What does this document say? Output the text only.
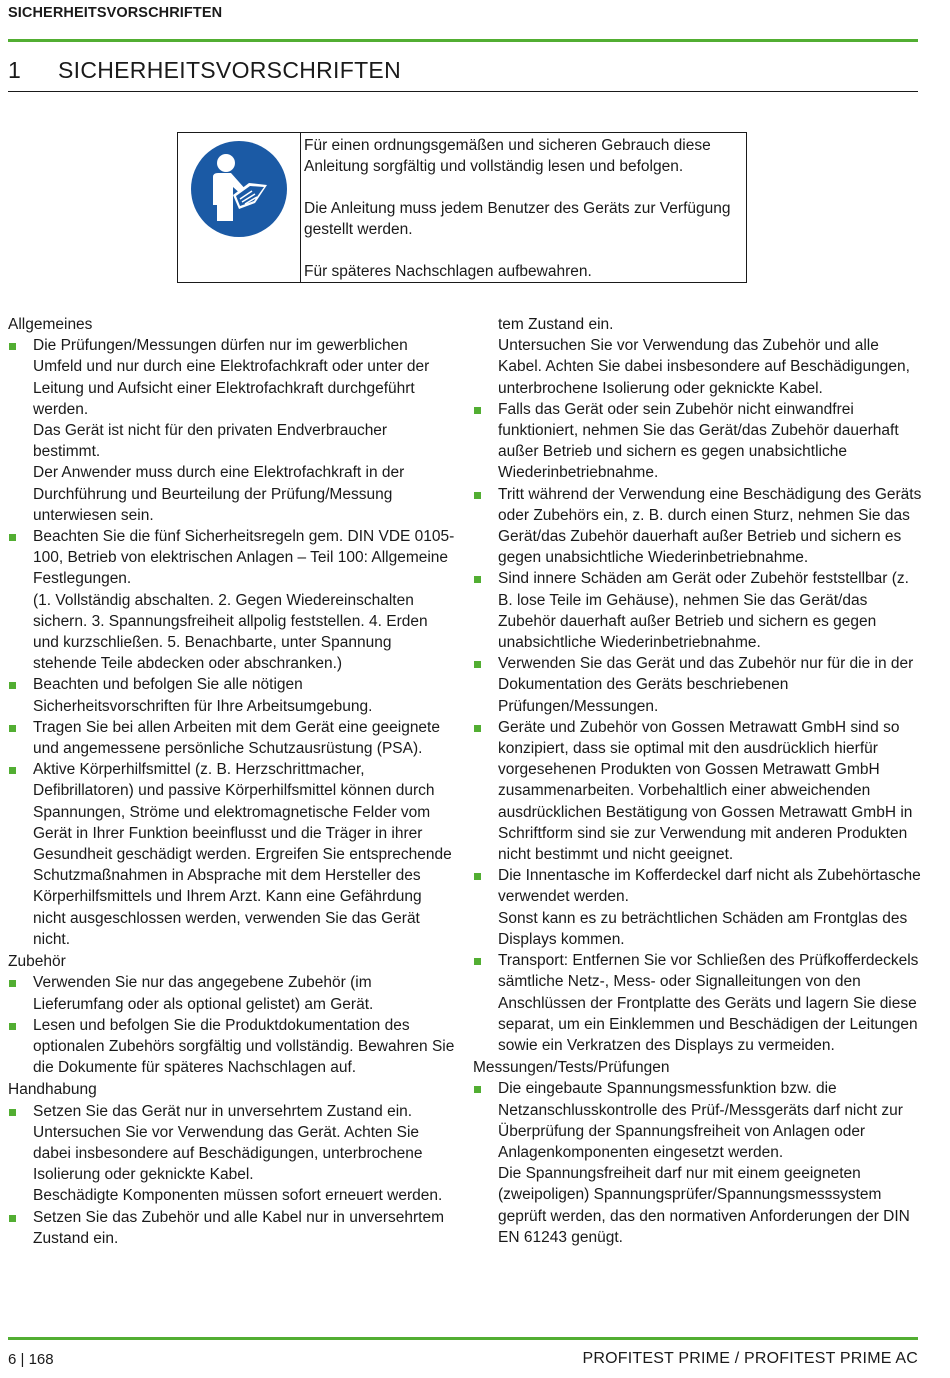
SICHERHEITSVORSCHRIFTEN
1 SICHERHEITSVORSCHRIFTEN

Für einen ordnungsgemäßen und sicheren Gebrauch diese Anleitung sorgfältig und vollständig lesen und befolgen.

Die Anleitung muss jedem Benutzer des Geräts zur Verfügung gestellt werden.

Für späteres Nachschlagen aufbewahren.

Allgemeines
Die Prüfungen/Messungen dürfen nur im gewerblichen Umfeld und nur durch eine Elektrofachkraft oder unter der Leitung und Aufsicht einer Elektrofachkraft durchgeführt werden.
Das Gerät ist nicht für den privaten Endverbraucher bestimmt.
Der Anwender muss durch eine Elektrofachkraft in der Durchführung und Beurteilung der Prüfung/Messung unterwiesen sein.
Beachten Sie die fünf Sicherheitsregeln gem. DIN VDE 0105-100, Betrieb von elektrischen Anlagen – Teil 100: Allgemeine Festlegungen.
(1. Vollständig abschalten. 2. Gegen Wiedereinschalten sichern. 3. Spannungsfreiheit allpolig feststellen. 4. Erden und kurzschließen. 5. Benachbarte, unter Spannung stehende Teile abdecken oder abschranken.)
Beachten und befolgen Sie alle nötigen Sicherheitsvorschriften für Ihre Arbeitsumgebung.
Tragen Sie bei allen Arbeiten mit dem Gerät eine geeignete und angemessene persönliche Schutzausrüstung (PSA).
Aktive Körperhilfsmittel (z. B. Herzschrittmacher, Defibrillatoren) und passive Körperhilfsmittel können durch Spannungen, Ströme und elektromagnetische Felder vom Gerät in Ihrer Funktion beeinflusst und die Träger in ihrer Gesundheit geschädigt werden. Ergreifen Sie entsprechende Schutzmaßnahmen in Absprache mit dem Hersteller des Körperhilfsmittels und Ihrem Arzt. Kann eine Gefährdung nicht ausgeschlossen werden, verwenden Sie das Gerät nicht.
Zubehör
Verwenden Sie nur das angegebene Zubehör (im Lieferumfang oder als optional gelistet) am Gerät.
Lesen und befolgen Sie die Produktdokumentation des optionalen Zubehörs sorgfältig und vollständig. Bewahren Sie die Dokumente für späteres Nachschlagen auf.
Handhabung
Setzen Sie das Gerät nur in unversehrtem Zustand ein.
Untersuchen Sie vor Verwendung das Gerät. Achten Sie dabei insbesondere auf Beschädigungen, unterbrochene Isolierung oder geknickte Kabel.
Beschädigte Komponenten müssen sofort erneuert werden.
Setzen Sie das Zubehör und alle Kabel nur in unversehrtem Zustand ein.
tem Zustand ein.
Untersuchen Sie vor Verwendung das Zubehör und alle Kabel. Achten Sie dabei insbesondere auf Beschädigungen, unterbrochene Isolierung oder geknickte Kabel.
Falls das Gerät oder sein Zubehör nicht einwandfrei funktioniert, nehmen Sie das Gerät/das Zubehör dauerhaft außer Betrieb und sichern es gegen unabsichtliche Wiederinbetriebnahme.
Tritt während der Verwendung eine Beschädigung des Geräts oder Zubehörs ein, z. B. durch einen Sturz, nehmen Sie das Gerät/das Zubehör dauerhaft außer Betrieb und sichern es gegen unabsichtliche Wiederinbetriebnahme.
Sind innere Schäden am Gerät oder Zubehör feststellbar (z. B. lose Teile im Gehäuse), nehmen Sie das Gerät/das Zubehör dauerhaft außer Betrieb und sichern es gegen unabsichtliche Wiederinbetriebnahme.
Verwenden Sie das Gerät und das Zubehör nur für die in der Dokumentation des Geräts beschriebenen Prüfungen/Messungen.
Geräte und Zubehör von Gossen Metrawatt GmbH sind so konzipiert, dass sie optimal mit den ausdrücklich hierfür vorgesehenen Produkten von Gossen Metrawatt GmbH zusammenarbeiten. Vorbehaltlich einer abweichenden ausdrücklichen Bestätigung von Gossen Metrawatt GmbH in Schriftform sind sie zur Verwendung mit anderen Produkten nicht bestimmt und nicht geeignet.
Die Innentasche im Kofferdeckel darf nicht als Zubehörtasche verwendet werden.
Sonst kann es zu beträchtlichen Schäden am Frontglas des Displays kommen.
Transport: Entfernen Sie vor Schließen des Prüfkofferdeckels sämtliche Netz-, Mess- oder Signalleitungen von den Anschlüssen der Frontplatte des Geräts und lagern Sie diese separat, um ein Einklemmen und Beschädigen der Leitungen sowie ein Verkratzen des Displays zu vermeiden.
Messungen/Tests/Prüfungen
Die eingebaute Spannungsmessfunktion bzw. die Netzanschlusskontrolle des Prüf-/Messgeräts darf nicht zur Überprüfung der Spannungsfreiheit von Anlagen oder Anlagenkomponenten eingesetzt werden.
Die Spannungsfreiheit darf nur mit einem geeigneten (zweipoligen) Spannungsprüfer/Spannungsmesssystem geprüft werden, das den normativen Anforderungen der DIN EN 61243 genügt.
6 | 168	PROFITEST PRIME / PROFITEST PRIME AC
